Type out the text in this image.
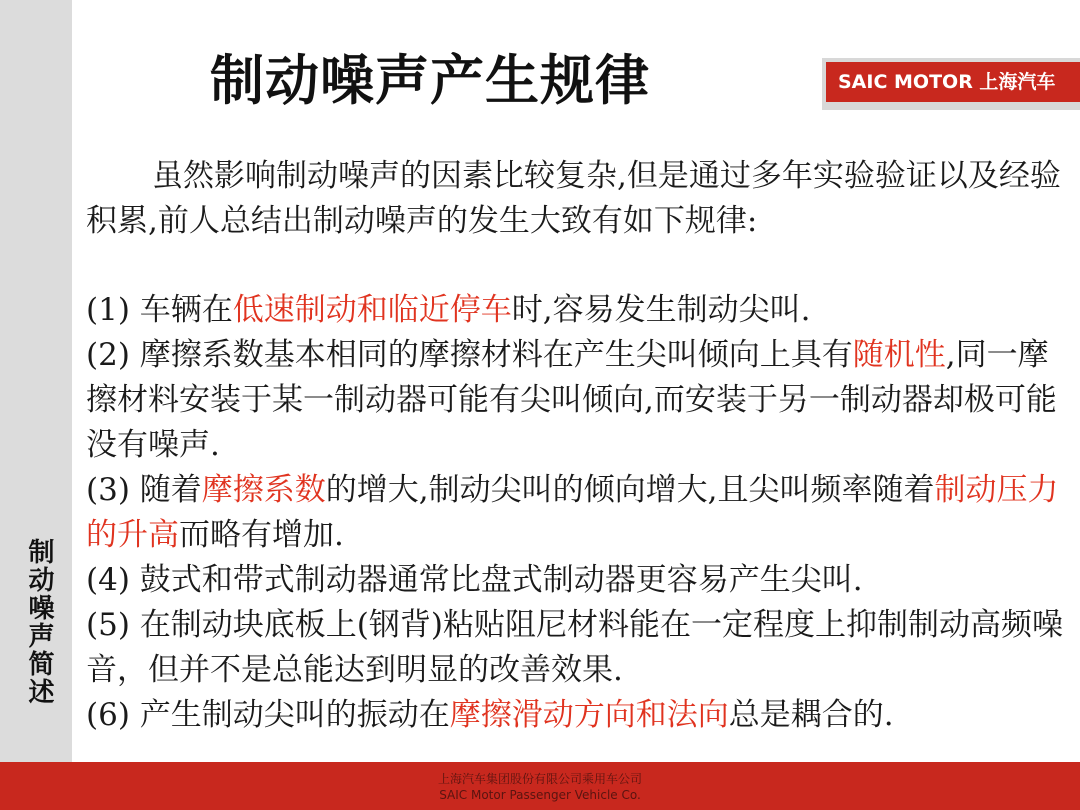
制动噪声简述
制动噪声产生规律	SAIC MOTOR 上海汽车

虽然影响制动噪声的因素比较复杂,但是通过多年实验验证以及经验积累,前人总结出制动噪声的发生大致有如下规律:

(1) 车辆在低速制动和临近停车时,容易发生制动尖叫.

(2) 摩擦系数基本相同的摩擦材料在产生尖叫倾向上具有随机性,同一摩擦材料安装于某一制动器可能有尖叫倾向,而安装于另一制动器却极可能没有噪声.

(3) 随着摩擦系数的增大,制动尖叫的倾向增大,且尖叫频率随着制动压力的升高而略有增加.

(4) 鼓式和带式制动器通常比盘式制动器更容易产生尖叫.

(5) 在制动块底板上(钢背)粘贴阻尼材料能在一定程度上抑制制动高频噪音，但并不是总能达到明显的改善效果.

(6) 产生制动尖叫的振动在摩擦滑动方向和法向总是耦合的.

上海汽车集团股份有限公司乘用车公司
SAIC Motor Passenger Vehicle Co.
